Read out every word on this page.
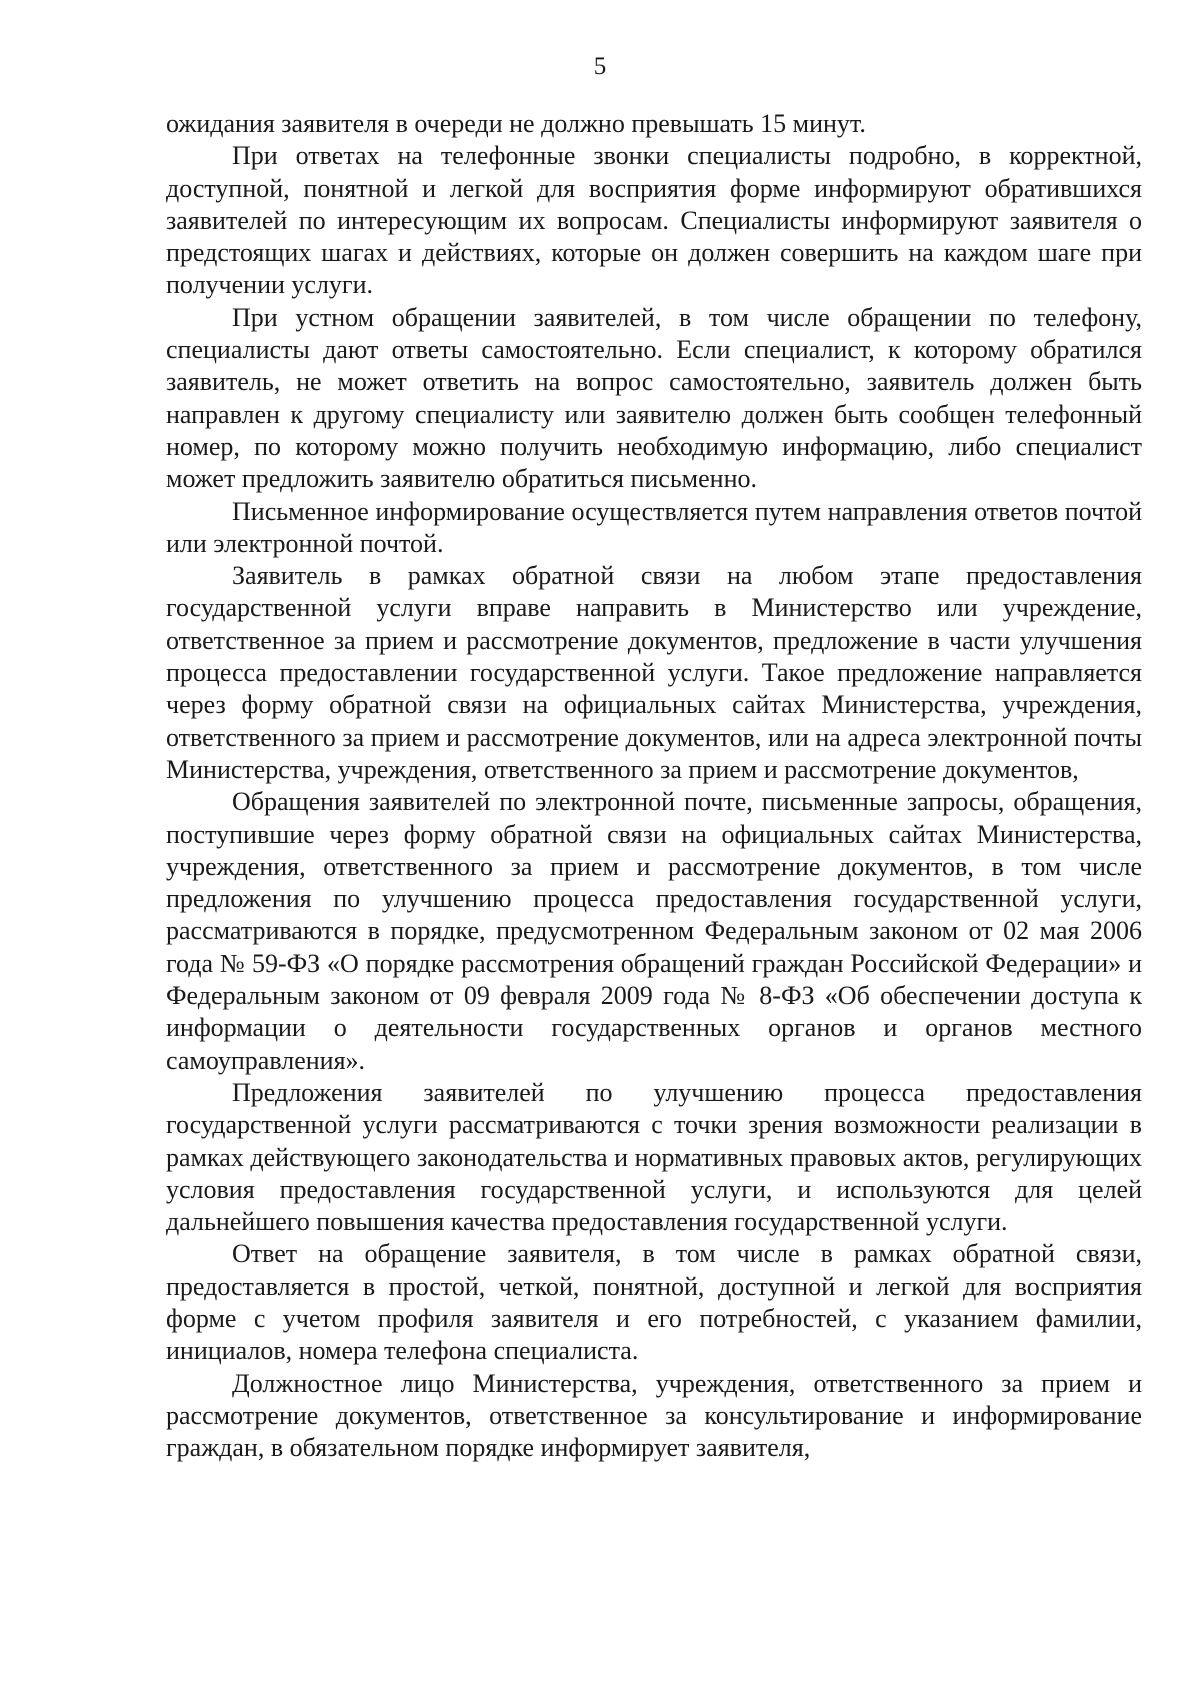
5

ожидания заявителя в очереди не должно превышать 15 минут.

При ответах на телефонные звонки специалисты подробно, в корректной, доступной, понятной и легкой для восприятия форме информируют обратившихся заявителей по интересующим их вопросам. Специалисты информируют заявителя о предстоящих шагах и действиях, которые он должен совершить на каждом шаге при получении услуги.

При устном обращении заявителей, в том числе обращении по телефону, специалисты дают ответы самостоятельно. Если специалист, к которому обратился заявитель, не может ответить на вопрос самостоятельно, заявитель должен быть направлен к другому специалисту или заявителю должен быть сообщен телефонный номер, по которому можно получить необходимую информацию, либо специалист может предложить заявителю обратиться письменно.

Письменное информирование осуществляется путем направления ответов почтой или электронной почтой.

Заявитель в рамках обратной связи на любом этапе предоставления государственной услуги вправе направить в Министерство или учреждение, ответственное за прием и рассмотрение документов, предложение в части улучшения процесса предоставлении государственной услуги. Такое предложение направляется через форму обратной связи на официальных сайтах Министерства, учреждения, ответственного за прием и рассмотрение документов, или на адреса электронной почты Министерства, учреждения, ответственного за прием и рассмотрение документов,

Обращения заявителей по электронной почте, письменные запросы, обращения, поступившие через форму обратной связи на официальных сайтах Министерства, учреждения, ответственного за прием и рассмотрение документов, в том числе предложения по улучшению процесса предоставления государственной услуги, рассматриваются в порядке, предусмотренном Федеральным законом от 02 мая 2006 года № 59-ФЗ «О порядке рассмотрения обращений граждан Российской Федерации» и Федеральным законом от 09 февраля 2009 года № 8-ФЗ «Об обеспечении доступа к информации о деятельности государственных органов и органов местного самоуправления».

Предложения заявителей по улучшению процесса предоставления государственной услуги рассматриваются с точки зрения возможности реализации в рамках действующего законодательства и нормативных правовых актов, регулирующих условия предоставления государственной услуги, и используются для целей дальнейшего повышения качества предоставления государственной услуги.

Ответ на обращение заявителя, в том числе в рамках обратной связи, предоставляется в простой, четкой, понятной, доступной и легкой для восприятия форме с учетом профиля заявителя и его потребностей, с указанием фамилии, инициалов, номера телефона специалиста.

Должностное лицо Министерства, учреждения, ответственного за прием и рассмотрение документов, ответственное за консультирование и информирование граждан, в обязательном порядке информирует заявителя,
